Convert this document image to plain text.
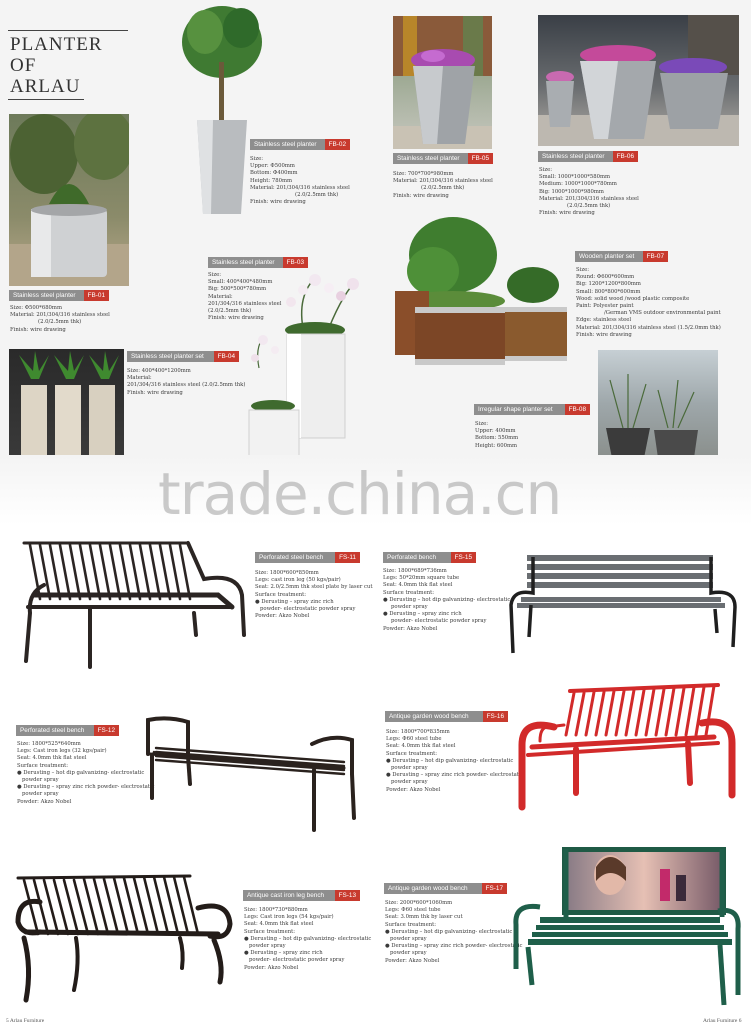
PLANTER
OF
ARLAU
Stainless steel planter	FB-01
Size: Φ500*680mm
Material: 201/304/316 stainless steel
(2.0/2.5mm thk)
Finish: wire drawing
Stainless steel planter	FB-02
Size:
Upper: Φ500mm
Bottom: Φ400mm
Height: 780mm
Material: 201/304/316 stainless steel
(2.0/2.5mm thk)
Finish: wire drawing
Stainless steel planter	FB-05
Size: 700*700*980mm
Material: 201/304/316 stainless steel
(2.0/2.5mm thk)
Finish: wire drawing
Stainless steel planter	FB-06
Size:
Small: 1000*1000*580mm
Medium: 1000*1000*780mm
Big: 1000*1000*980mm
Material: 201/304/316 stainless steel
(2.0/2.5mm thk)
Finish: wire drawing
Stainless steel planter	FB-03
Size:
Small: 400*400*480mm
Big: 500*500*780mm
Material:
201/304/316 stainless steel
(2.0/2.5mm thk)
Finish: wire drawing
Wooden planter set	FB-07
Size:
Round: Φ600*600mm
Big: 1200*1200*800mm
Small: 800*800*600mm
Wood: solid wood /wood plastic composite
Paint: Polyester paint
/German VMS outdoor environmental paint
Edge: stainless steel
Material: 201/304/316 stainless steel (1.5/2.0mm thk)
Finish: wire drawing
Stainless steel planter set	FB-04
Size: 400*400*1200mm
Material:
201/304/316 stainless steel (2.0/2.5mm thk)
Finish: wire drawing
Irregular shape planter set	FB-08
Size:
Upper: 400mm
Bottom: 550mm
Height: 600mm
trade.china.cn
Perforated steel bench	FS-11
Size: 1800*600*850mm
Legs: cast iron leg (50 kgs/pair)
Seat: 2.0/2.5mm thk steel plate by laser cut
Surface treatment:
● Derusting – spray zinc rich
powder- electrostatic powder spray
Powder: Akzo Nobel
Perforated bench	FS-15
Size: 1800*689*736mm
Legs: 50*20mm square tube
Seat: 4.0mm thk flat steel
Surface treatment:
● Derusting – hot dip galvanizing- electrostatic
powder spray
● Derusting – spray zinc rich
powder- electrostatic powder spray
Powder: Akzo Nobel
Perforated steel bench	FS-12
Size: 1800*525*640mm
Legs: Cast iron legs (32 kgs/pair)
Seat: 4.0mm thk flat steel
Surface treatment:
● Derusting – hot dip galvanizing- electrostatic
powder spray
● Derusting – spray zinc rich powder- electrostatic
powder spray
Powder: Akzo Nobel
Antique garden wood bench	FS-16
Size: 1800*700*835mm
Legs: Φ60 steel tube
Seat: 4.0mm thk flat steel
Surface treatment:
● Derusting – hot dip galvanizing- electrostatic
powder spray
● Derusting – spray zinc rich powder- electrostatic
powder spray
Powder: Akzo Nobel
Antique cast iron leg bench	FS-13
Size: 1800*730*880mm
Legs: Cast iron legs (54 kgs/pair)
Seat: 4.0mm thk flat steel
Surface treatment:
● Derusting – hot dip galvanizing- electrostatic
powder spray
● Derusting – spray zinc rich
powder- electrostatic powder spray
Powder: Akzo Nobel
Antique garden wood bench	FS-17
Size: 2000*600*1060mm
Legs: Φ60 steel tube
Seat: 3.0mm thk by laser cut
Surface treatment:
● Derusting – hot dip galvanizing- electrostatic
powder spray
● Derusting – spray zinc rich powder- electrostatic
powder spray
Powder: Akzo Nobel
5 Arlau Furniture	Arlau Furniture 6
